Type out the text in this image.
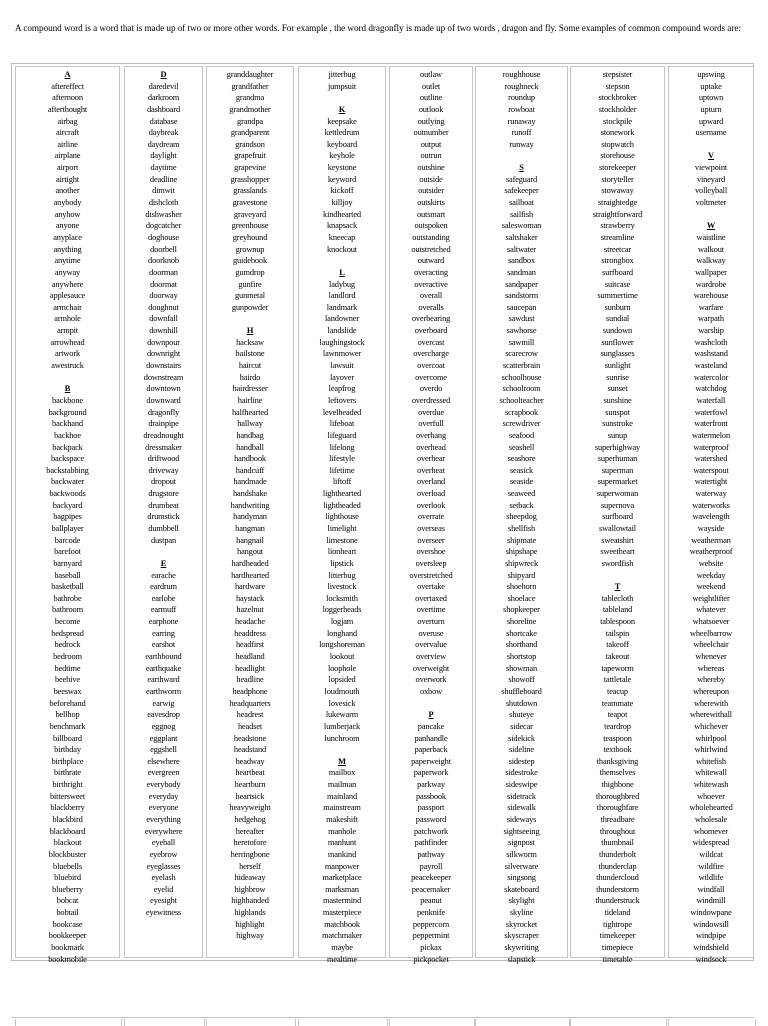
A compound word is a word that is made up of two or more other words. For example , the word dragonfly is made up of two words , dragon and fly. Some examples of common compound words are:

A
aftereffect
afternoon
afterthought
airbag
aircraft
airline
airplane
airport
airtight
another
anybody
anyhow
anyone
anyplace
anything
anytime
anyway
anywhere
applesauce
armchair
armhole
armpit
arrowhead
artwork
awestruck
B
backbone
background
backhand
backhoe
backpack
backspace
backstabbing
backwater
backwoods
backyard
bagpipes
ballplayer
barcode
barefoot
barnyard
baseball
basketball
bathrobe
bathroom
become
bedspread
bedrock
bedroom
bedtime
beehive
beeswax
beforehand
bellhop
benchmark
billboard
birthday
birthplace
birthrate
birthright
bittersweet
blackberry
blackbird
blackboard
blackout
blockbuster
bluebells
bluebird
blueberry
bobcat
bobtail
bookcase
bookkeeper
bookmark
bookmobile
D
daredevil
darkroom
dashboard
database
daybreak
daydream
daylight
daytime
deadline
dimwit
dishcloth
dishwasher
dogcatcher
doghouse
doorbell
doorknob
doorman
doormat
doorway
doughnut
downfall
downhill
downpour
downright
downstairs
downstream
downtown
downward
dragonfly
drainpipe
dreadnought
dressmaker
driftwood
driveway
dropout
drugstore
drumbeat
drumstick
dumbbell
dustpan
E
earache
eardrum
earlobe
earmuff
earphone
earring
earshot
earthbound
earthquake
earthward
earthworm
earwig
eavesdrop
eggnog
eggplant
eggshell
elsewhere
evergreen
everybody
everyday
everyone
everything
everywhere
eyeball
eyebrow
eyeglasses
eyelash
eyelid
eyesight
eyewitness
granddaughter
grandfather
grandma
grandmother
grandpa
grandparent
grandson
grapefruit
grapevine
grasshopper
grasslands
gravestone
graveyard
greenhouse
greyhound
grownup
guidebook
gumdrop
gunfire
gunmetal
gunpowder
H
hacksaw
hailstone
haircut
hairdo
hairdresser
hairline
halfhearted
hallway
handbag
handball
handbook
handcuff
handmade
handshake
handwriting
handyman
hangman
hangnail
hangout
hardheaded
hardhearted
hardware
haystack
hazelnut
headache
headdress
headfirst
headland
headlight
headline
headphone
headquarters
headrest
headset
headstone
headstand
headway
heartbeat
heartburn
heartsick
heavyweight
hedgehog
hereafter
heretofore
herringbone
herself
hideaway
highbrow
highhanded
highlands
highlight
highway
jitterbug
jumpsuit
K
keepsake
kettledrum
keyboard
keyhole
keystone
keyword
kickoff
killjoy
kindhearted
knapsack
kneecap
knockout
L
ladybug
landlord
landmark
landowner
landslide
laughingstock
lawnmower
lawsuit
layover
leapfrog
leftovers
levelheaded
lifeboat
lifeguard
lifelong
lifestyle
lifetime
liftoff
lighthearted
lightheaded
lighthouse
limelight
limestone
lionheart
lipstick
litterbug
livestock
locksmith
loggerheads
logjam
longhand
longshoreman
lookout
loophole
lopsided
loudmouth
lovesick
lukewarm
lumberjack
lunchroom
M
mailbox
mailman
mainland
mainstream
makeshift
manhole
manhunt
mankind
manpower
marketplace
marksman
mastermind
masterpiece
matchbook
matchmaker
maybe
mealtime
outlaw
outlet
outline
outlook
outlying
outnumber
output
outrun
outshine
outside
outsider
outskirts
outsmart
outspoken
outstanding
outstretched
outward
overacting
overactive
overall
overalls
overbearing
overboard
overcast
overcharge
overcoat
overcome
overdo
overdressed
overdue
overfull
overhang
overhead
overhear
overheat
overland
overload
overlook
overrate
overseas
overseer
overshoe
oversleep
overstretched
overtake
overtaxed
overtime
overturn
overuse
overvalue
overview
overweight
overwork
oxbow
P
pancake
panhandle
paperback
paperweight
paperwork
parkway
passbook
passport
password
patchwork
pathfinder
pathway
payroll
peacekeeper
peacemaker
peanut
penknife
peppercorn
peppermint
pickax
pickpocket
roughhouse
roughneck
roundup
rowboat
runaway
runoff
runway
S
safeguard
safekeeper
sailboat
sailfish
saleswoman
saltshaker
saltwater
sandbox
sandman
sandpaper
sandstorm
saucepan
sawdust
sawhorse
sawmill
scarecrow
scatterbrain
schoolhouse
schoolroom
schoolteacher
scrapbook
screwdriver
seafood
seashell
seashore
seasick
seaside
seaweed
setback
sheepdog
shellfish
shipmate
shipshape
shipwreck
shipyard
shoehorn
shoelace
shopkeeper
shoreline
shortcake
shorthand
shortstop
showman
showoff
shuffleboard
shutdown
shuteye
sidecar
sidekick
sideline
sidestep
sidestroke
sideswipe
sidetrack
sidewalk
sideways
sightseeing
signpost
silkworm
silverware
singsong
skateboard
skylight
skyline
skyrocket
skyscraper
skywriting
slapstick
stepsister
stepson
stockbroker
stockholder
stockpile
stonework
stopwatch
storehouse
storekeeper
storyteller
stowaway
straightedge
straightforward
strawberry
streamline
streetcar
strongbox
surfboard
suitcase
summertime
sunburn
sundial
sundown
sunflower
sunglasses
sunlight
sunrise
sunset
sunshine
sunspot
sunstroke
sunup
superhighway
superhuman
superman
supermarket
superwoman
supernova
surfboard
swallowtail
sweatshirt
sweetheart
swordfish
T
tablecloth
tableland
tablespoon
tailspin
takeoff
takeout
tapeworm
tattletale
teacup
teammate
teapot
teardrop
teaspoon
textbook
thanksgiving
themselves
thighbone
thoroughbred
thoroughfare
threadbare
throughout
thumbnail
thunderbolt
thunderclap
thundercloud
thunderstorm
thunderstruck
tideland
tightrope
timekeeper
timepiece
timetable
upswing
uptake
uptown
upturn
upward
username
V
viewpoint
vineyard
volleyball
voltmeter
W
waistline
walkout
walkway
wallpaper
wardrobe
warehouse
warfare
warpath
warship
washcloth
washstand
wasteland
watercolor
watchdog
waterfall
waterfowl
waterfront
watermelon
waterproof
watershed
waterspout
watertight
waterway
waterworks
wavelength
wayside
weatherman
weatherproof
website
weekday
weekend
weightlifter
whatever
whatsoever
wheelbarrow
wheelchair
whenever
whereas
whereby
whereupon
wherewith
wherewithall
whichever
whirlpool
whirlwind
whitefish
whitewall
whitewash
whoever
wholehearted
wholesale
whomever
widespread
wildcat
wildfire
wildlife
windfall
windmill
windowpane
windowsill
windpipe
windshield
windsock
